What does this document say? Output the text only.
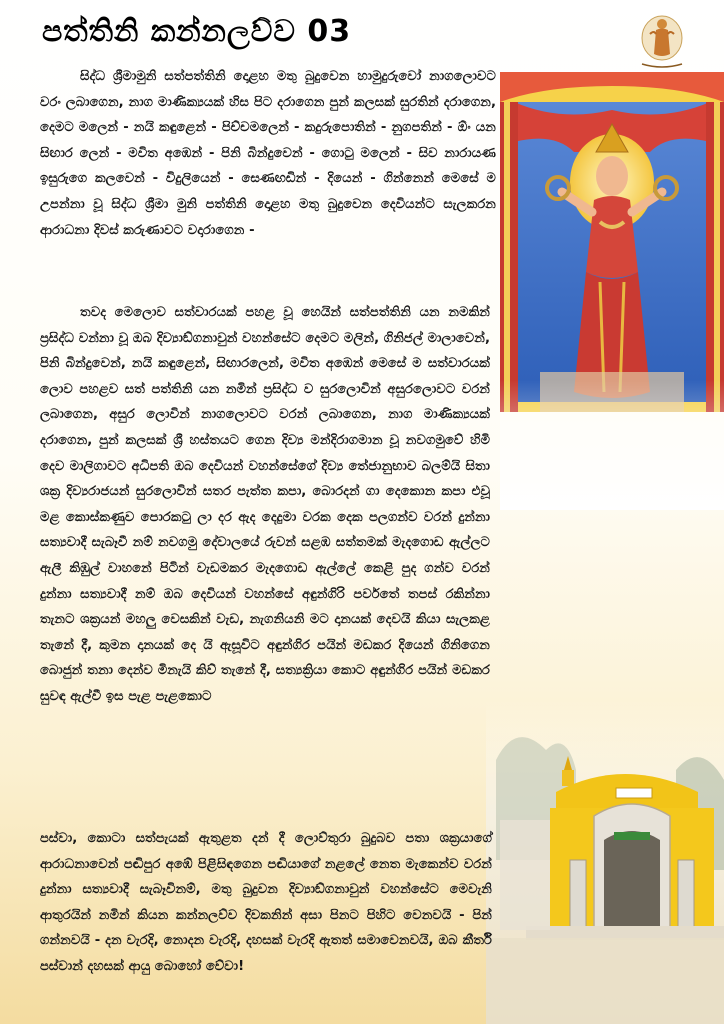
පත්තිනි කන්නලව්ව 03

සිද්ධ ශ්‍රීමාමුනි සත්පත්තිනි දොළහ මතු බුදුවෙන හාමුදුරුවෝ නාගලොවට වරං ලබාගෙන, නාග මාණික්‍යයක් හිස පිට දරාගෙන පුන් කලසක් සුරතින් දරාගෙන, දෙමට මලෙන් - නයි කඳුළෙන් - පිච්චමලෙන් - කදුරුපොතින් - නුගපතින් - ඕං යන සිඟාර ලෙන් - මවිත අඹෙන් - පිනි බින්දුවෙන් - ගොටු මලෙන් - සිව නාරායණ ඉසුරුගෙ කලවෙන් - විදුලියෙන් - සෙණඟඩින් - දියෙන් - ගින්නෙන් මෙසේ ම උපන්නා වූ සිද්ධ ශ්‍රීමා මුනි පත්තිනි දොළහ මතු බුදුවෙන දෙවියන්ට සැලකරන ආරාධනා දිවස් කරුණාවට වදාරාගෙන -

තවද මෙලොව සත්වාරයක් පහළ වූ හෙයින් සත්පත්තිනි යන නමකින් ප්‍රසිද්ධ වන්නා වූ ඔබ දිව්‍යාඞ්ගනාවුන් වහන්සේට දෙමට මලින්, ගිනිජල් මාලාවෙන්, පිනි බින්දුවෙන්, නයි කඳුළෙන්, සිඟාරලෙන්, මවිත අඹෙන් මෙසේ ම සත්වාරයක් ලොව පහළව සත් පත්තිනි යන නමින් ප්‍රසිද්ධ ව සුරලොවින් අසුරලොවට වරන් ලබාගෙන, අසුර ලොවින් නාගලොවට වරන් ලබාගෙන, නාග මාණික්‍යයක් දරාගෙන, පුන් කලසක් ශ්‍රී හස්තයට ගෙන දිව්‍ය මන්දිරාගමාන වූ නවගමුවේ හිමි දෙව මාලිගාවට අධිපති ඔබ දෙවියන් වහන්සේගේ දිව්‍ය තේජානුභාව බලම්යි සිතා ශක්‍ර දිව්‍යරාජයන් සුරලොවින් සතර පැත්ත කපා, බොරදන් ගා දෙකොන කපා එවූ මළ කොස්කණුව පොරකටු ලා දර ඇද දෙදුමා වරක දෙක පලගන්ව වරන් දුන්නා සත්‍යවාදී සැබෑවී නම් නවගමු දේවාලයේ රුවන් සළඹ සත්තමක් මැදගොඩ ඇල්ලට ඇලී කිඹුල් වාහනේ පිටින් වැඩමකර මැදගොඩ ඇල්ලේ කෙළි පුද ගන්ව වරන් දුන්නා සත්‍යවාදී නම් ඔබ දෙවියන් වහන්සේ අඳුන්ගිරි පර්වතේ තපස් රකින්නා තැනට ශක්‍රයන් මහලු වෙසකින් වැඩ, නැගනියනි මට දානයක් දෙවයි කියා සැලකළ තැනේ දී, කුමන දානයක් දෙ යි ඇසූවිට අඳුන්ගිර පයින් මඩකර දියෙන් ගිනිගෙන බොජුන් තනා දෙන්ව මිනැයි කිව් තැනේ දී, සත්‍යක්‍රියා කොට අඳුන්ගිර පයින් මඩකර සුවඳ ඇල්වී ඉස පැළ පැළකොට

පස්වා, කොටා සත්පැයක් ඇතුළත දන් දී ලොව්තුරා බුදුබව පතා ශක්‍රයාගේ ආරාධනාවෙන් පඬිපුර අඹේ පිළිසිඳගෙන පඬියාගේ නළලේ නෙත මැකෙන්ව වරන් දුන්නා සත්‍යවාදී සැබෑවිනම්, මතු බුදුවන දිව්‍යාඞ්ගනාවුන් වහන්සේට මෙවැනි ආතුරයින් නමින් කියන කන්නලව්ව දිවකනින් අසා පිනට පිහිට වෙනවයි - පින් ගන්නවයි - දන වැරදි, නොදන වැරදි, දහසක් වැරදි ඇතත් සමාවෙනවයි, ඔබ කීර්ති පස්වාන් දහසක් ආයු බොහෝ වේවා!
